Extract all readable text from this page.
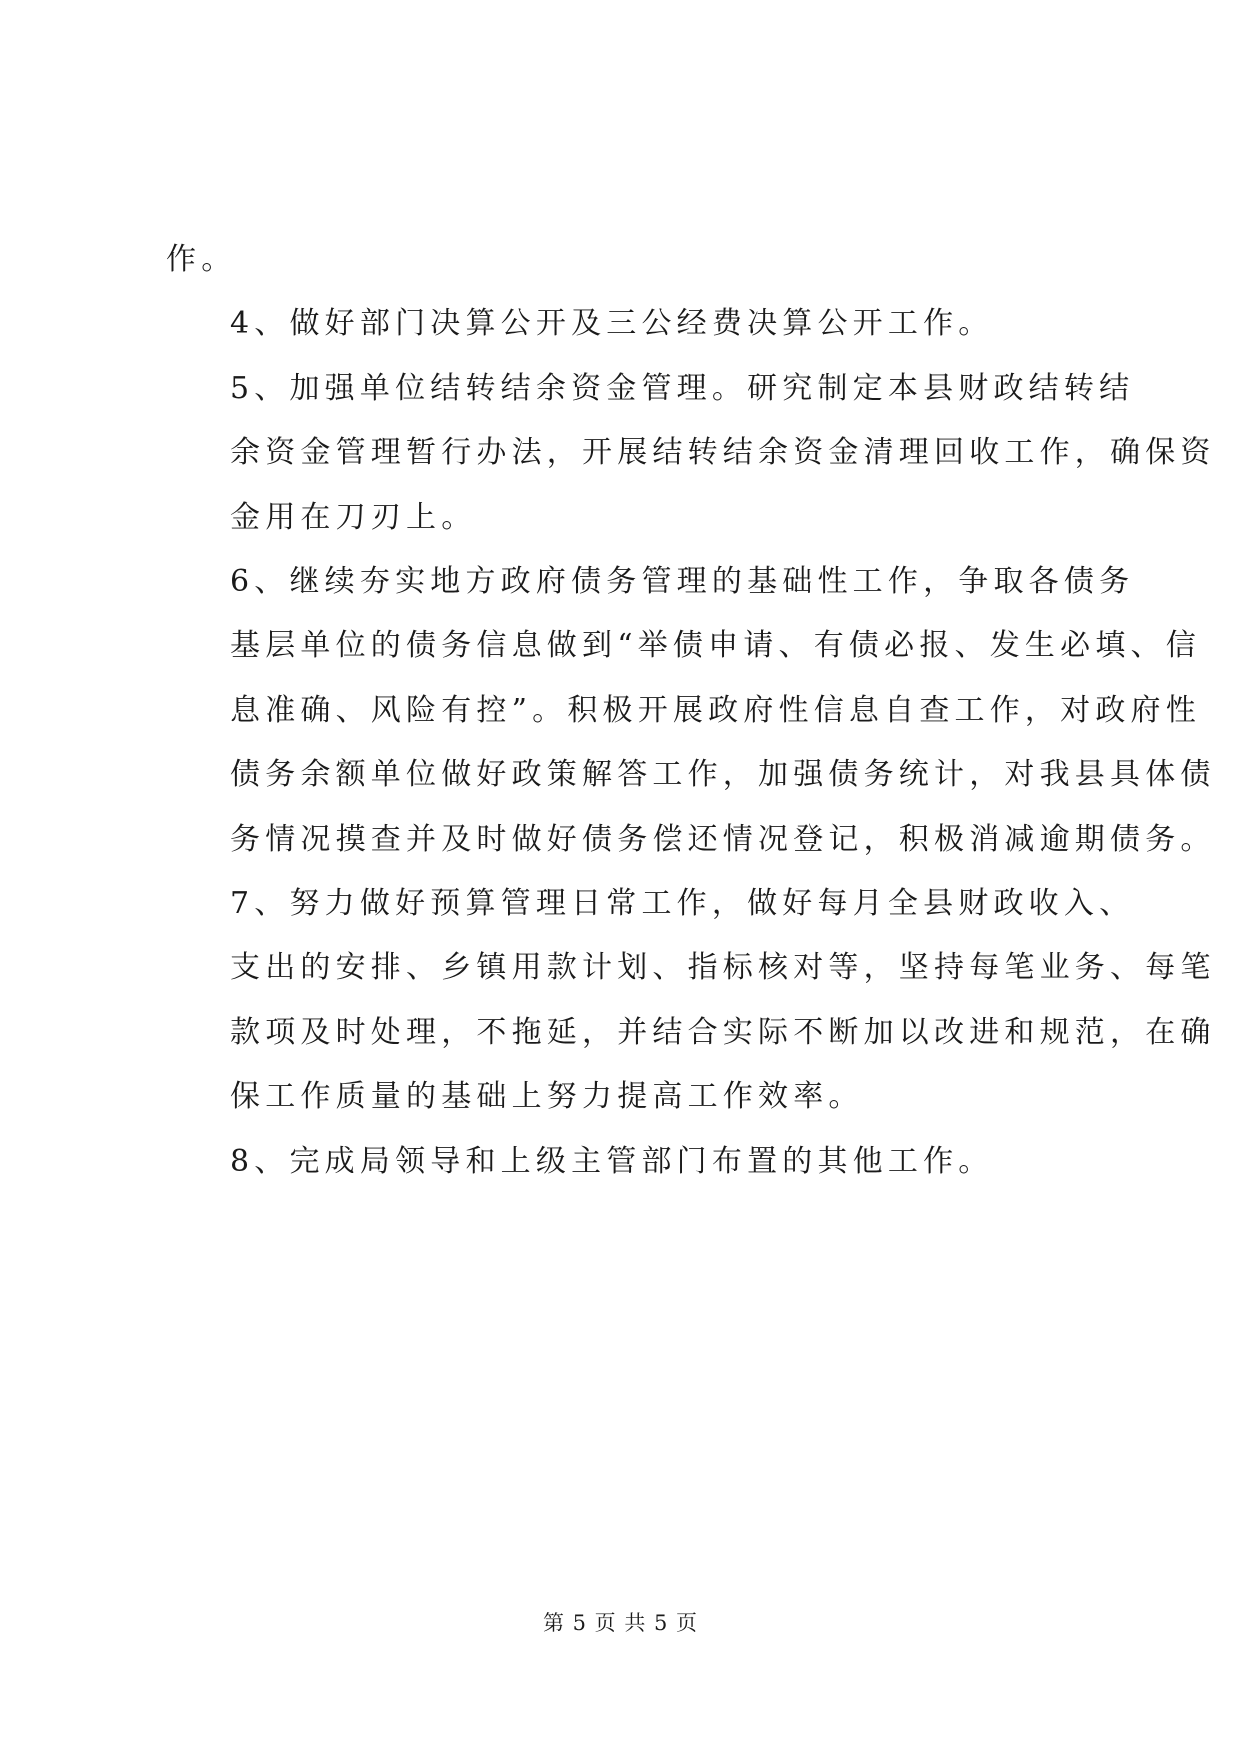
作。

4、做好部门决算公开及三公经费决算公开工作。

5、加强单位结转结余资金管理。研究制定本县财政结转结
余资金管理暂行办法，开展结转结余资金清理回收工作，确保资
金用在刀刃上。

6、继续夯实地方政府债务管理的基础性工作，争取各债务
基层单位的债务信息做到“举债申请、有债必报、发生必填、信
息准确、风险有控”。积极开展政府性信息自查工作，对政府性
债务余额单位做好政策解答工作，加强债务统计，对我县具体债
务情况摸查并及时做好债务偿还情况登记，积极消减逾期债务。

7、努力做好预算管理日常工作，做好每月全县财政收入、
支出的安排、乡镇用款计划、指标核对等，坚持每笔业务、每笔
款项及时处理，不拖延，并结合实际不断加以改进和规范，在确
保工作质量的基础上努力提高工作效率。

8、完成局领导和上级主管部门布置的其他工作。

第 5 页 共 5 页
